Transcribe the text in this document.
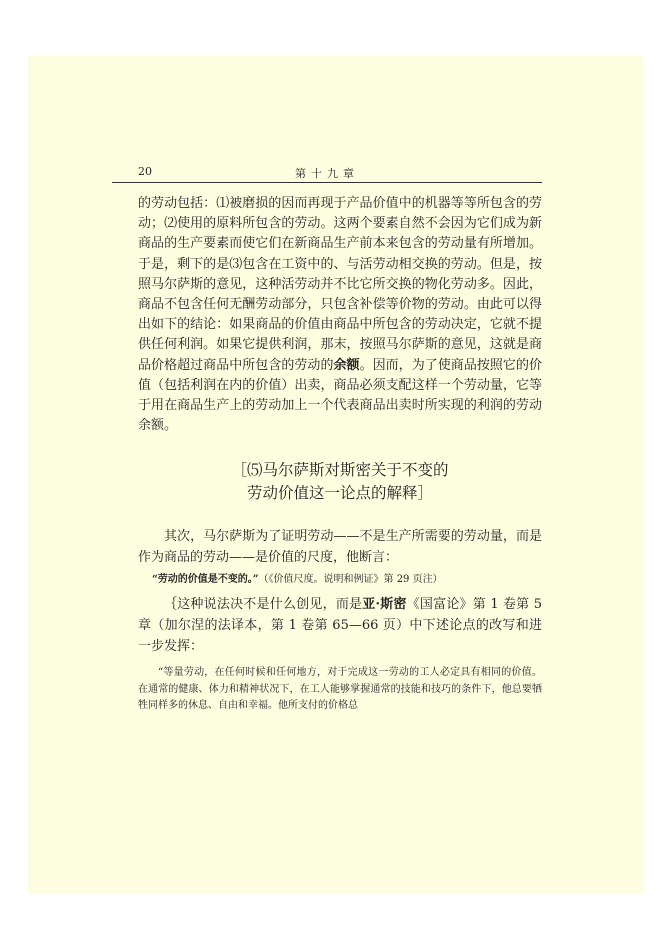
20	第十九章

的劳动包括：⑴被磨损的因而再现于产品价值中的机器等等所包含的劳动；⑵使用的原料所包含的劳动。这两个要素自然不会因为它们成为新商品的生产要素而使它们在新商品生产前本来包含的劳动量有所增加。于是，剩下的是⑶包含在工资中的、与活劳动相交换的劳动。但是，按照马尔萨斯的意见，这种活劳动并不比它所交换的物化劳动多。因此，商品不包含任何无酬劳动部分，只包含补偿等价物的劳动。由此可以得出如下的结论：如果商品的价值由商品中所包含的劳动决定，它就不提供任何利润。如果它提供利润，那末，按照马尔萨斯的意见，这就是商品价格超过商品中所包含的劳动的余额。因而，为了使商品按照它的价值（包括利润在内的价值）出卖，商品必须支配这样一个劳动量，它等于用在商品生产上的劳动加上一个代表商品出卖时所实现的利润的劳动余额。

［⑸马尔萨斯对斯密关于不变的
劳动价值这一论点的解释］

其次，马尔萨斯为了证明劳动——不是生产所需要的劳动量，而是作为商品的劳动——是价值的尺度，他断言：

“劳动的价值是不变的。”（《价值尺度。说明和例证》第 29 页注）

｛这种说法决不是什么创见，而是亚·斯密《国富论》第 1 卷第 5 章（加尔涅的法译本，第 1 卷第 65—66 页）中下述论点的改写和进一步发挥：

“等量劳动，在任何时候和任何地方，对于完成这一劳动的工人必定具有相同的价值。在通常的健康、体力和精神状况下，在工人能够掌握通常的技能和技巧的条件下，他总要牺牲同样多的休息、自由和幸福。他所支付的价格总
